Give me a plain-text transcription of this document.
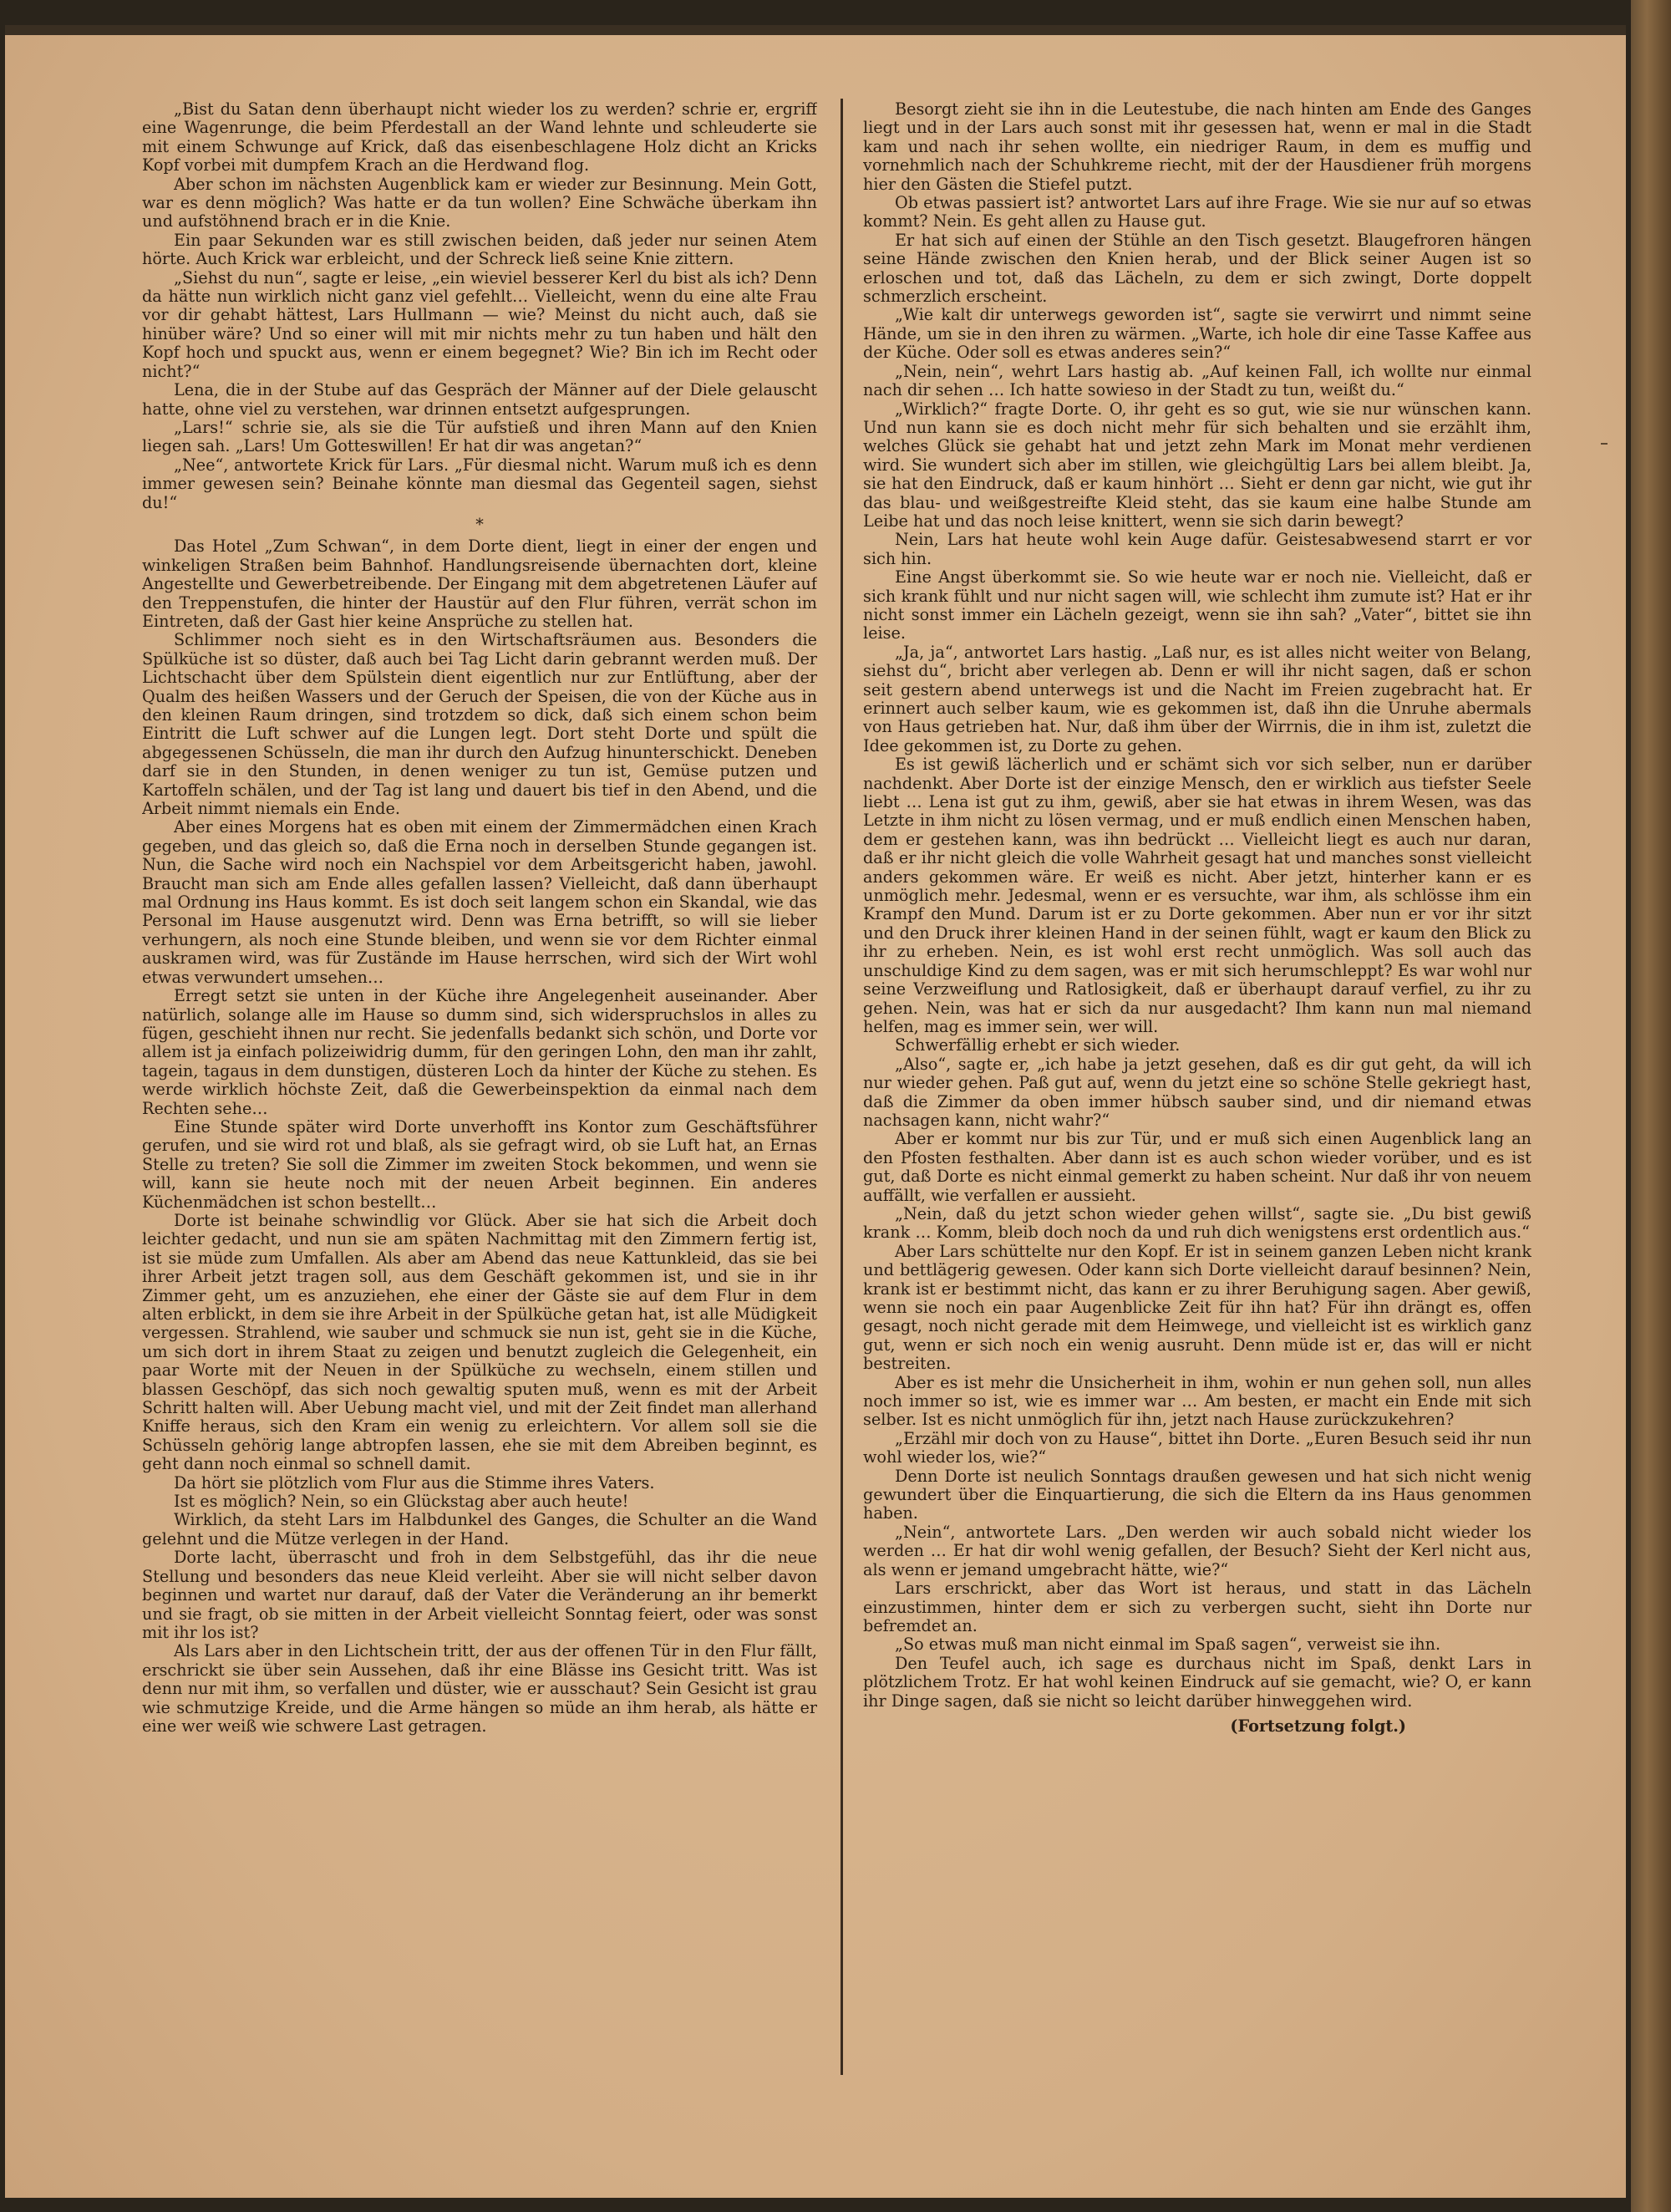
„Bist du Satan denn überhaupt nicht wieder los zu werden? schrie er, ergriff eine Wagenrunge, die beim Pferdestall an der Wand lehnte und schleuderte sie mit einem Schwunge auf Krick, daß das eisenbeschlagene Holz dicht an Kricks Kopf vorbei mit dumpfem Krach an die Herdwand flog.

Aber schon im nächsten Augenblick kam er wieder zur Besinnung. Mein Gott, war es denn möglich? Was hatte er da tun wollen? Eine Schwäche überkam ihn und aufstöhnend brach er in die Knie.

Ein paar Sekunden war es still zwischen beiden, daß jeder nur seinen Atem hörte. Auch Krick war erbleicht, und der Schreck ließ seine Knie zittern.

„Siehst du nun“, sagte er leise, „ein wieviel besserer Kerl du bist als ich? Denn da hätte nun wirklich nicht ganz viel gefehlt… Vielleicht, wenn du eine alte Frau vor dir gehabt hättest, Lars Hullmann — wie? Meinst du nicht auch, daß sie hinüber wäre? Und so einer will mit mir nichts mehr zu tun haben und hält den Kopf hoch und spuckt aus, wenn er einem begegnet? Wie? Bin ich im Recht oder nicht?“

Lena, die in der Stube auf das Gespräch der Männer auf der Diele gelauscht hatte, ohne viel zu verstehen, war drinnen entsetzt aufgesprungen.

„Lars!“ schrie sie, als sie die Tür aufstieß und ihren Mann auf den Knien liegen sah. „Lars! Um Gotteswillen! Er hat dir was angetan?“

„Nee“, antwortete Krick für Lars. „Für diesmal nicht. Warum muß ich es denn immer gewesen sein? Beinahe könnte man diesmal das Gegenteil sagen, siehst du!“

*

Das Hotel „Zum Schwan“, in dem Dorte dient, liegt in einer der engen und winkeligen Straßen beim Bahnhof. Handlungsreisende übernachten dort, kleine Angestellte und Gewerbetreibende. Der Eingang mit dem abgetretenen Läufer auf den Treppenstufen, die hinter der Haustür auf den Flur führen, verrät schon im Eintreten, daß der Gast hier keine Ansprüche zu stellen hat.

Schlimmer noch sieht es in den Wirtschaftsräumen aus. Besonders die Spülküche ist so düster, daß auch bei Tag Licht darin gebrannt werden muß. Der Lichtschacht über dem Spülstein dient eigentlich nur zur Entlüftung, aber der Qualm des heißen Wassers und der Geruch der Speisen, die von der Küche aus in den kleinen Raum dringen, sind trotzdem so dick, daß sich einem schon beim Eintritt die Luft schwer auf die Lungen legt. Dort steht Dorte und spült die abgegessenen Schüsseln, die man ihr durch den Aufzug hinunterschickt. Deneben darf sie in den Stunden, in denen weniger zu tun ist, Gemüse putzen und Kartoffeln schälen, und der Tag ist lang und dauert bis tief in den Abend, und die Arbeit nimmt niemals ein Ende.

Aber eines Morgens hat es oben mit einem der Zimmermädchen einen Krach gegeben, und das gleich so, daß die Erna noch in derselben Stunde gegangen ist. Nun, die Sache wird noch ein Nachspiel vor dem Arbeitsgericht haben, jawohl. Braucht man sich am Ende alles gefallen lassen? Vielleicht, daß dann überhaupt mal Ordnung ins Haus kommt. Es ist doch seit langem schon ein Skandal, wie das Personal im Hause ausgenutzt wird. Denn was Erna betrifft, so will sie lieber verhungern, als noch eine Stunde bleiben, und wenn sie vor dem Richter einmal auskramen wird, was für Zustände im Hause herrschen, wird sich der Wirt wohl etwas verwundert umsehen…

Erregt setzt sie unten in der Küche ihre Angelegenheit auseinander. Aber natürlich, solange alle im Hause so dumm sind, sich widerspruchslos in alles zu fügen, geschieht ihnen nur recht. Sie jedenfalls bedankt sich schön, und Dorte vor allem ist ja einfach polizeiwidrig dumm, für den geringen Lohn, den man ihr zahlt, tagein, tagaus in dem dunstigen, düsteren Loch da hinter der Küche zu stehen. Es werde wirklich höchste Zeit, daß die Gewerbeinspektion da einmal nach dem Rechten sehe…

Eine Stunde später wird Dorte unverhofft ins Kontor zum Geschäftsführer gerufen, und sie wird rot und blaß, als sie gefragt wird, ob sie Luft hat, an Ernas Stelle zu treten? Sie soll die Zimmer im zweiten Stock bekommen, und wenn sie will, kann sie heute noch mit der neuen Arbeit beginnen. Ein anderes Küchenmädchen ist schon bestellt…

Dorte ist beinahe schwindlig vor Glück. Aber sie hat sich die Arbeit doch leichter gedacht, und nun sie am späten Nachmittag mit den Zimmern fertig ist, ist sie müde zum Umfallen. Als aber am Abend das neue Kattunkleid, das sie bei ihrer Arbeit jetzt tragen soll, aus dem Geschäft gekommen ist, und sie in ihr Zimmer geht, um es anzuziehen, ehe einer der Gäste sie auf dem Flur in dem alten erblickt, in dem sie ihre Arbeit in der Spülküche getan hat, ist alle Müdigkeit vergessen. Strahlend, wie sauber und schmuck sie nun ist, geht sie in die Küche, um sich dort in ihrem Staat zu zeigen und benutzt zugleich die Gelegenheit, ein paar Worte mit der Neuen in der Spülküche zu wechseln, einem stillen und blassen Geschöpf, das sich noch gewaltig sputen muß, wenn es mit der Arbeit Schritt halten will. Aber Uebung macht viel, und mit der Zeit findet man allerhand Kniffe heraus, sich den Kram ein wenig zu erleichtern. Vor allem soll sie die Schüsseln gehörig lange abtropfen lassen, ehe sie mit dem Abreiben beginnt, es geht dann noch einmal so schnell damit.

Da hört sie plötzlich vom Flur aus die Stimme ihres Vaters.

Ist es möglich? Nein, so ein Glückstag aber auch heute!

Wirklich, da steht Lars im Halbdunkel des Ganges, die Schulter an die Wand gelehnt und die Mütze verlegen in der Hand.

Dorte lacht, überrascht und froh in dem Selbstgefühl, das ihr die neue Stellung und besonders das neue Kleid verleiht. Aber sie will nicht selber davon beginnen und wartet nur darauf, daß der Vater die Veränderung an ihr bemerkt und sie fragt, ob sie mitten in der Arbeit vielleicht Sonntag feiert, oder was sonst mit ihr los ist?

Als Lars aber in den Lichtschein tritt, der aus der offenen Tür in den Flur fällt, erschrickt sie über sein Aussehen, daß ihr eine Blässe ins Gesicht tritt. Was ist denn nur mit ihm, so verfallen und düster, wie er ausschaut? Sein Gesicht ist grau wie schmutzige Kreide, und die Arme hängen so müde an ihm herab, als hätte er eine wer weiß wie schwere Last getragen.

Besorgt zieht sie ihn in die Leutestube, die nach hinten am Ende des Ganges liegt und in der Lars auch sonst mit ihr gesessen hat, wenn er mal in die Stadt kam und nach ihr sehen wollte, ein niedriger Raum, in dem es muffig und vornehmlich nach der Schuhkreme riecht, mit der der Hausdiener früh morgens hier den Gästen die Stiefel putzt.

Ob etwas passiert ist? antwortet Lars auf ihre Frage. Wie sie nur auf so etwas kommt? Nein. Es geht allen zu Hause gut.

Er hat sich auf einen der Stühle an den Tisch gesetzt. Blaugefroren hängen seine Hände zwischen den Knien herab, und der Blick seiner Augen ist so erloschen und tot, daß das Lächeln, zu dem er sich zwingt, Dorte doppelt schmerzlich erscheint.

„Wie kalt dir unterwegs geworden ist“, sagte sie verwirrt und nimmt seine Hände, um sie in den ihren zu wärmen. „Warte, ich hole dir eine Tasse Kaffee aus der Küche. Oder soll es etwas anderes sein?“

„Nein, nein“, wehrt Lars hastig ab. „Auf keinen Fall, ich wollte nur einmal nach dir sehen … Ich hatte sowieso in der Stadt zu tun, weißt du.“

„Wirklich?“ fragte Dorte. O, ihr geht es so gut, wie sie nur wünschen kann. Und nun kann sie es doch nicht mehr für sich behalten und sie erzählt ihm, welches Glück sie gehabt hat und jetzt zehn Mark im Monat mehr verdienen wird. Sie wundert sich aber im stillen, wie gleichgültig Lars bei allem bleibt. Ja, sie hat den Eindruck, daß er kaum hinhört … Sieht er denn gar nicht, wie gut ihr das blau- und weißgestreifte Kleid steht, das sie kaum eine halbe Stunde am Leibe hat und das noch leise knittert, wenn sie sich darin bewegt?

Nein, Lars hat heute wohl kein Auge dafür. Geistesabwesend starrt er vor sich hin.

Eine Angst überkommt sie. So wie heute war er noch nie. Vielleicht, daß er sich krank fühlt und nur nicht sagen will, wie schlecht ihm zumute ist? Hat er ihr nicht sonst immer ein Lächeln gezeigt, wenn sie ihn sah? „Vater“, bittet sie ihn leise.

„Ja, ja“, antwortet Lars hastig. „Laß nur, es ist alles nicht weiter von Belang, siehst du“, bricht aber verlegen ab. Denn er will ihr nicht sagen, daß er schon seit gestern abend unterwegs ist und die Nacht im Freien zugebracht hat. Er erinnert auch selber kaum, wie es gekommen ist, daß ihn die Unruhe abermals von Haus getrieben hat. Nur, daß ihm über der Wirrnis, die in ihm ist, zuletzt die Idee gekommen ist, zu Dorte zu gehen.

Es ist gewiß lächerlich und er schämt sich vor sich selber, nun er darüber nachdenkt. Aber Dorte ist der einzige Mensch, den er wirklich aus tiefster Seele liebt … Lena ist gut zu ihm, gewiß, aber sie hat etwas in ihrem Wesen, was das Letzte in ihm nicht zu lösen vermag, und er muß endlich einen Menschen haben, dem er gestehen kann, was ihn bedrückt … Vielleicht liegt es auch nur daran, daß er ihr nicht gleich die volle Wahrheit gesagt hat und manches sonst vielleicht anders gekommen wäre. Er weiß es nicht. Aber jetzt, hinterher kann er es unmöglich mehr. Jedesmal, wenn er es versuchte, war ihm, als schlösse ihm ein Krampf den Mund. Darum ist er zu Dorte gekommen. Aber nun er vor ihr sitzt und den Druck ihrer kleinen Hand in der seinen fühlt, wagt er kaum den Blick zu ihr zu erheben. Nein, es ist wohl erst recht unmöglich. Was soll auch das unschuldige Kind zu dem sagen, was er mit sich herumschleppt? Es war wohl nur seine Verzweiflung und Ratlosigkeit, daß er überhaupt darauf verfiel, zu ihr zu gehen. Nein, was hat er sich da nur ausgedacht? Ihm kann nun mal niemand helfen, mag es immer sein, wer will.

Schwerfällig erhebt er sich wieder.

„Also“, sagte er, „ich habe ja jetzt gesehen, daß es dir gut geht, da will ich nur wieder gehen. Paß gut auf, wenn du jetzt eine so schöne Stelle gekriegt hast, daß die Zimmer da oben immer hübsch sauber sind, und dir niemand etwas nachsagen kann, nicht wahr?“

Aber er kommt nur bis zur Tür, und er muß sich einen Augenblick lang an den Pfosten festhalten. Aber dann ist es auch schon wieder vorüber, und es ist gut, daß Dorte es nicht einmal gemerkt zu haben scheint. Nur daß ihr von neuem auffällt, wie verfallen er aussieht.

„Nein, daß du jetzt schon wieder gehen willst“, sagte sie. „Du bist gewiß krank … Komm, bleib doch noch da und ruh dich wenigstens erst ordentlich aus.“

Aber Lars schüttelte nur den Kopf. Er ist in seinem ganzen Leben nicht krank und bettlägerig gewesen. Oder kann sich Dorte vielleicht darauf besinnen? Nein, krank ist er bestimmt nicht, das kann er zu ihrer Beruhigung sagen. Aber gewiß, wenn sie noch ein paar Augenblicke Zeit für ihn hat? Für ihn drängt es, offen gesagt, noch nicht gerade mit dem Heimwege, und vielleicht ist es wirklich ganz gut, wenn er sich noch ein wenig ausruht. Denn müde ist er, das will er nicht bestreiten.

Aber es ist mehr die Unsicherheit in ihm, wohin er nun gehen soll, nun alles noch immer so ist, wie es immer war … Am besten, er macht ein Ende mit sich selber. Ist es nicht unmöglich für ihn, jetzt nach Hause zurückzukehren?

„Erzähl mir doch von zu Hause“, bittet ihn Dorte. „Euren Besuch seid ihr nun wohl wieder los, wie?“

Denn Dorte ist neulich Sonntags draußen gewesen und hat sich nicht wenig gewundert über die Einquartierung, die sich die Eltern da ins Haus genommen haben.

„Nein“, antwortete Lars. „Den werden wir auch sobald nicht wieder los werden … Er hat dir wohl wenig gefallen, der Besuch? Sieht der Kerl nicht aus, als wenn er jemand umgebracht hätte, wie?“

Lars erschrickt, aber das Wort ist heraus, und statt in das Lächeln einzustimmen, hinter dem er sich zu verbergen sucht, sieht ihn Dorte nur befremdet an.

„So etwas muß man nicht einmal im Spaß sagen“, verweist sie ihn.

Den Teufel auch, ich sage es durchaus nicht im Spaß, denkt Lars in plötzlichem Trotz. Er hat wohl keinen Eindruck auf sie gemacht, wie? O, er kann ihr Dinge sagen, daß sie nicht so leicht darüber hinweggehen wird.

(Fortsetzung folgt.)
